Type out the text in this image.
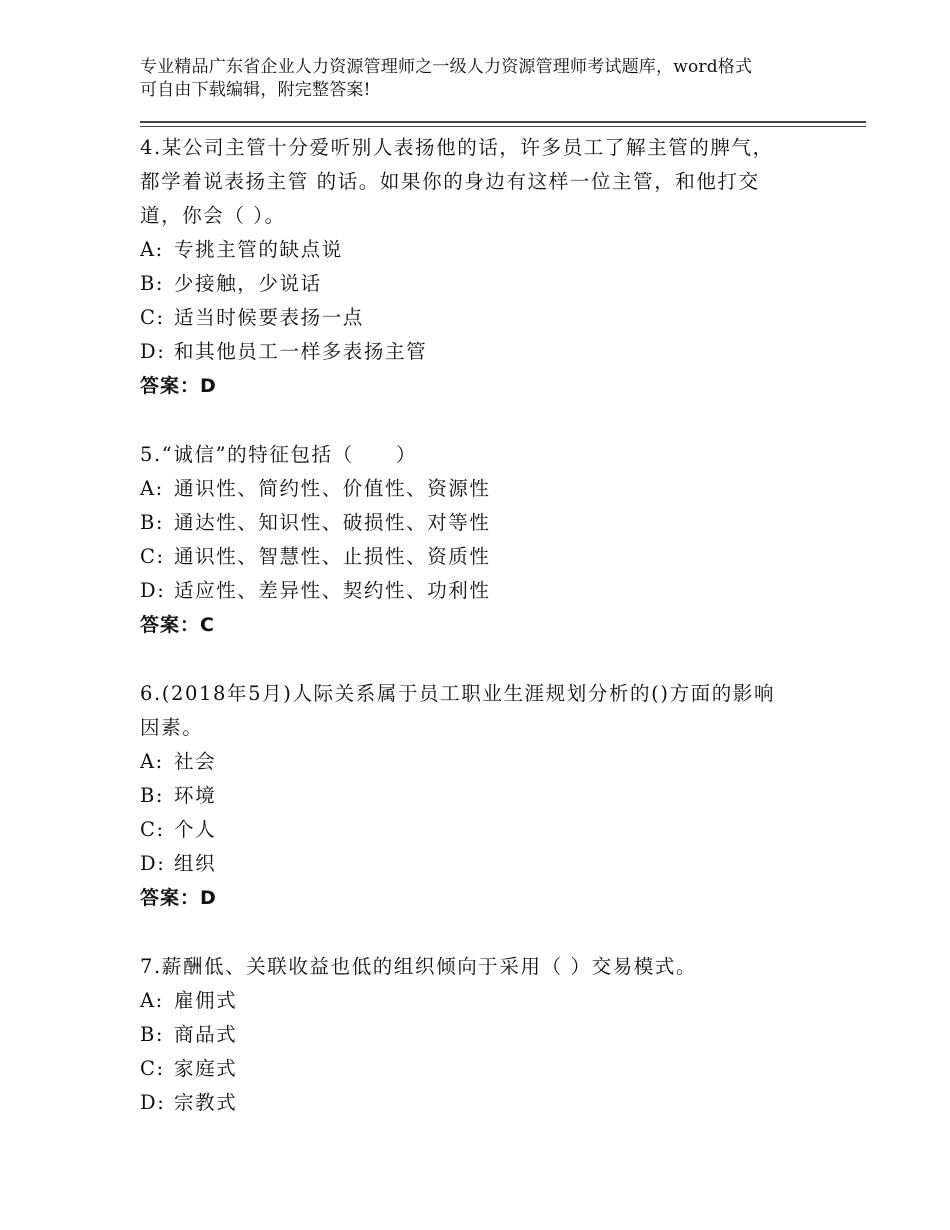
专业精品广东省企业人力资源管理师之一级人力资源管理师考试题库，word格式
可自由下载编辑，附完整答案!
4.某公司主管十分爱听别人表扬他的话，许多员工了解主管的脾气，
都学着说表扬主管 的话。如果你的身边有这样一位主管，和他打交
道，你会（ ）。
A: 专挑主管的缺点说
B: 少接触，少说话
C: 适当时候要表扬一点
D: 和其他员工一样多表扬主管
答案：D
5.“诚信”的特征包括（　　）
A: 通识性、简约性、价值性、资源性
B: 通达性、知识性、破损性、对等性
C: 通识性、智慧性、止损性、资质性
D: 适应性、差异性、契约性、功利性
答案：C
6.(2018年5月)人际关系属于员工职业生涯规划分析的()方面的影响
因素。
A: 社会
B: 环境
C: 个人
D: 组织
答案：D
7.薪酬低、关联收益也低的组织倾向于采用（ ）交易模式。
A: 雇佣式
B: 商品式
C: 家庭式
D: 宗教式
